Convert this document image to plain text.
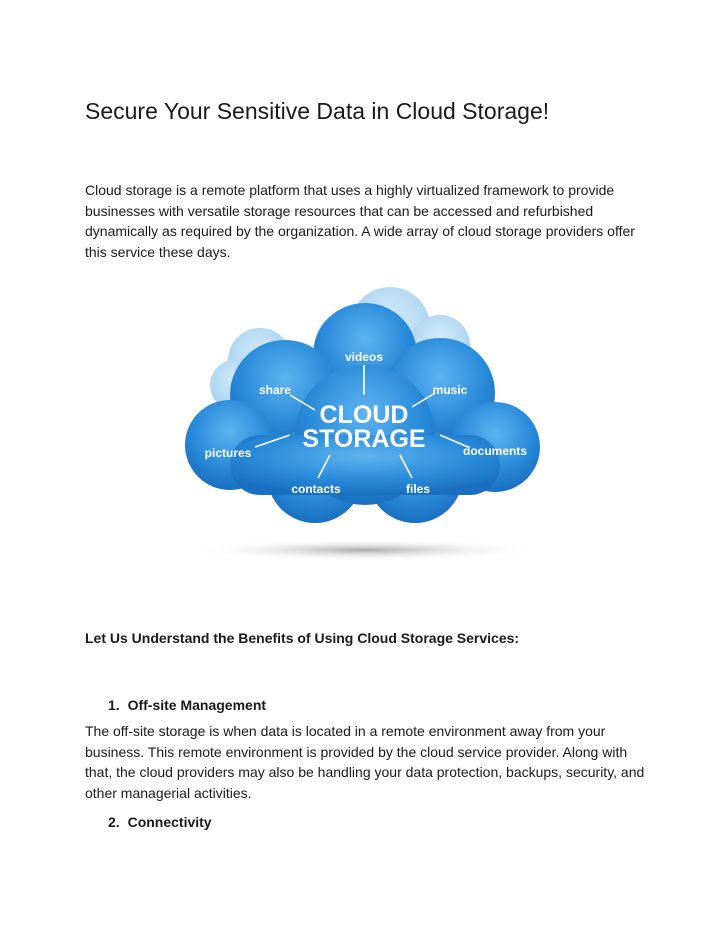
Secure Your Sensitive Data in Cloud Storage!

Cloud storage is a remote platform that uses a highly virtualized framework to provide businesses with versatile storage resources that can be accessed and refurbished dynamically as required by the organization. A wide array of cloud storage providers offer this service these days.

CLOUD
STORAGE
videos
share	music
pictures	documents
contacts	files
Let Us Understand the Benefits of Using Cloud Storage Services:
1. Off-site Management

The off-site storage is when data is located in a remote environment away from your business. This remote environment is provided by the cloud service provider. Along with that, the cloud providers may also be handling your data protection, backups, security, and other managerial activities.

2. Connectivity
